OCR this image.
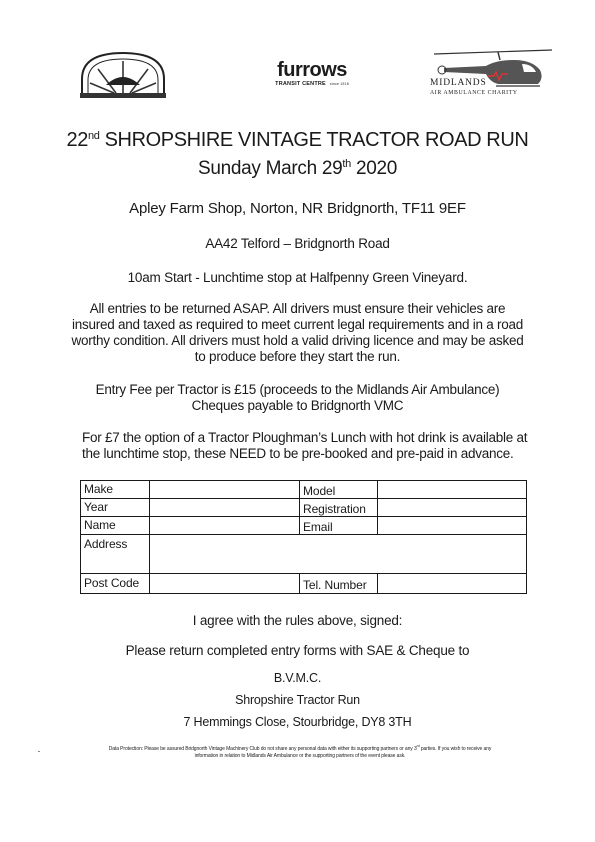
furrows
TRANSIT CENTRE since 1918	MIDLANDS
AIR AMBULANCE CHARITY
22nd SHROPSHIRE VINTAGE TRACTOR ROAD RUN
Sunday March 29th 2020
Apley Farm Shop, Norton, NR Bridgnorth, TF11 9EF
AA42 Telford – Bridgnorth Road
10am Start - Lunchtime stop at Halfpenny Green Vineyard.
All entries to be returned ASAP. All drivers must ensure their vehicles are insured and taxed as required to meet current legal requirements and in a road worthy condition. All drivers must hold a valid driving licence and may be asked to produce before they start the run.
Entry Fee per Tractor is £15 (proceeds to the Midlands Air Ambulance)
Cheques payable to Bridgnorth VMC
For £7 the option of a Tractor Ploughman’s Lunch with hot drink is available at the lunchtime stop, these NEED to be pre-booked and pre-paid in advance.
Make	Model
Year	Registration
Name	Email
Address
Post Code	Tel. Number
I agree with the rules above, signed:
Please return completed entry forms with SAE & Cheque to
B.V.M.C.
Shropshire Tractor Run
7 Hemmings Close, Stourbridge, DY8 3TH
Data Protection: Please be assured Bridgnorth Vintage Machinery Club do not share any personal data with either its supporting partners or any 3rd parties. If you wish to receive any
information in relation to Midlands Air Ambulance or the supporting partners of the event please ask.
